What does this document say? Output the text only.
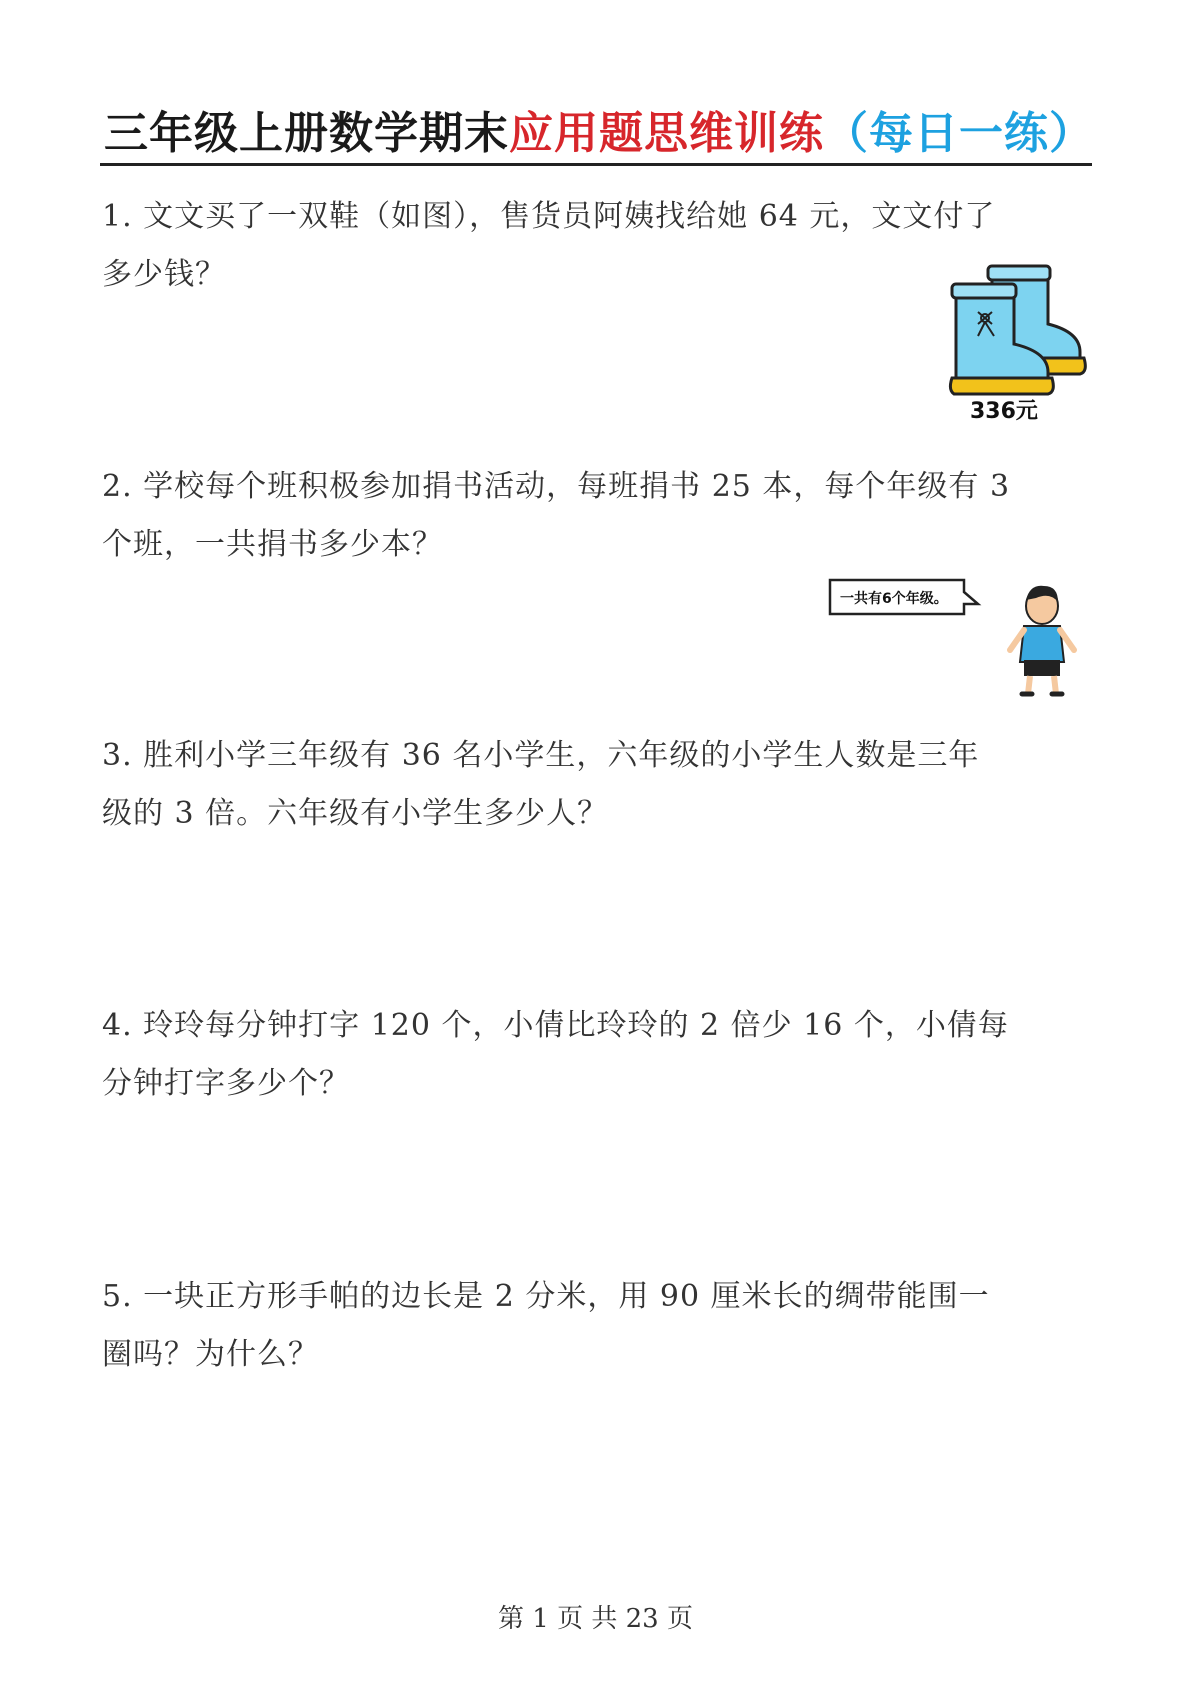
三年级上册数学期末应用题思维训练（每日一练）
1. 文文买了一双鞋（如图），售货员阿姨找给她 64 元，文文付了
多少钱？
336元
2. 学校每个班积极参加捐书活动，每班捐书 25 本，每个年级有 3
个班，一共捐书多少本？
一共有6个年级。
3. 胜利小学三年级有 36 名小学生，六年级的小学生人数是三年
级的 3 倍。六年级有小学生多少人？
4. 玲玲每分钟打字 120 个，小倩比玲玲的 2 倍少 16 个，小倩每
分钟打字多少个？
5. 一块正方形手帕的边长是 2 分米，用 90 厘米长的绸带能围一
圈吗？为什么？
第 1 页 共 23 页
